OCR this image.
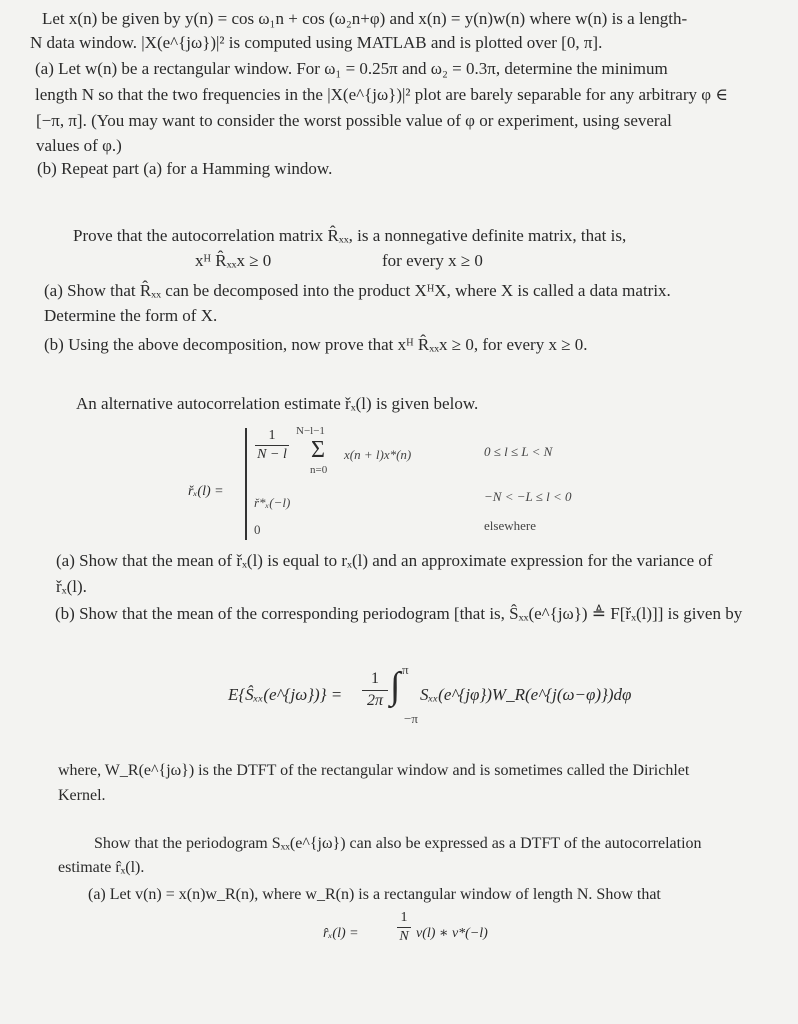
Let x(n) be given by y(n) = cos ω₁n + cos (ω₂n+φ) and x(n) = y(n)w(n) where w(n) is a length-
N data window. |X(e^{jω})|² is computed using MATLAB and is plotted over [0, π].
(a) Let w(n) be a rectangular window. For ω₁ = 0.25π and ω₂ = 0.3π, determine the minimum
length N so that the two frequencies in the |X(e^{jω})|² plot are barely separable for any arbitrary φ ∈
[−π, π]. (You may want to consider the worst possible value of φ or experiment, using several
values of φ.)
(b) Repeat part (a) for a Hamming window.
Prove that the autocorrelation matrix R̂ₓₓ, is a nonnegative definite matrix, that is,
xᴴ R̂ₓₓx ≥ 0	for every x ≥ 0
(a) Show that R̂ₓₓ can be decomposed into the product XᴴX, where X is called a data matrix.
Determine the form of X.
(b) Using the above decomposition, now prove that xᴴ R̂ₓₓx ≥ 0, for every x ≥ 0.
An alternative autocorrelation estimate řₓ(l) is given below.
řₓ(l) =
1
N − l
N−l−1
Σ
n=0
x(n + l)x*(n)	0 ≤ l ≤ L < N
ř*ₓ(−l)	−N < −L ≤ l < 0
0	elsewhere
(a) Show that the mean of řₓ(l) is equal to rₓ(l) and an approximate expression for the variance of
řₓ(l).
(b) Show that the mean of the corresponding periodogram [that is, Ŝₓₓ(e^{jω}) ≜ F[řₓ(l)]] is given by
E{Ŝₓₓ(e^{jω})} =
1
2π
π
∫
−π
Sₓₓ(e^{jφ})W_R(e^{j(ω−φ)})dφ
where, W_R(e^{jω}) is the DTFT of the rectangular window and is sometimes called the Dirichlet
Kernel.
Show that the periodogram Sₓₓ(e^{jω}) can also be expressed as a DTFT of the autocorrelation
estimate r̂ₓ(l).
(a) Let v(n) = x(n)w_R(n), where w_R(n) is a rectangular window of length N. Show that
r̂ₓ(l) =
1
N v(l) ∗ v*(−l)
